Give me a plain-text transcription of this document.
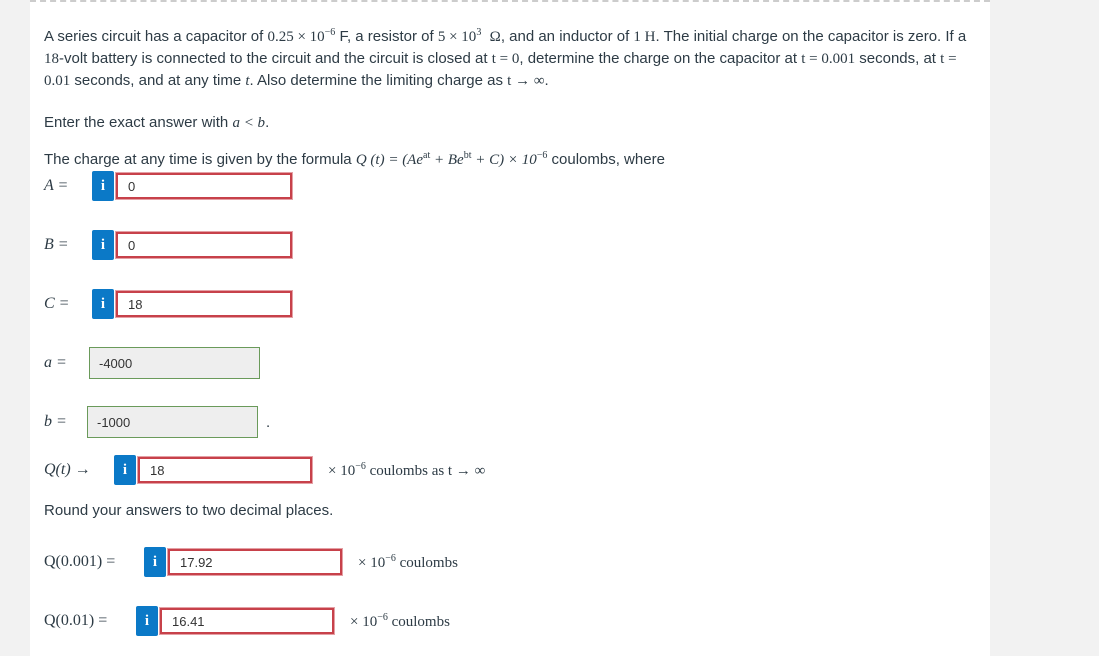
A series circuit has a capacitor of $0.25 \times 10^{-6}$ F, a resistor of $5 \times 10^3$ Ω, and an inductor of 1 H. The initial charge on the capacitor is zero. If a 18-volt battery is connected to the circuit and the circuit is closed at t = 0, determine the charge on the capacitor at t = 0.001 seconds, at t = 0.01 seconds, and at any time t. Also determine the limiting charge as t → ∞.
Enter the exact answer with a < b.
The charge at any time is given by the formula Q $(t) = (Ae^{at} + Be^{bt} + C) \times 10^{-6}$ coulombs, where
A =	i	0
B =	i	0
C =	i	18
a =	-4000
b =	-1000	.
Q(t) →	i	18	× $10^{-6}$ coulombs as t → ∞
Round your answers to two decimal places.
Q(0.001) =	i	17.92	× $10^{-6}$ coulombs
Q(0.01) =	i	16.41	× $10^{-6}$ coulombs
